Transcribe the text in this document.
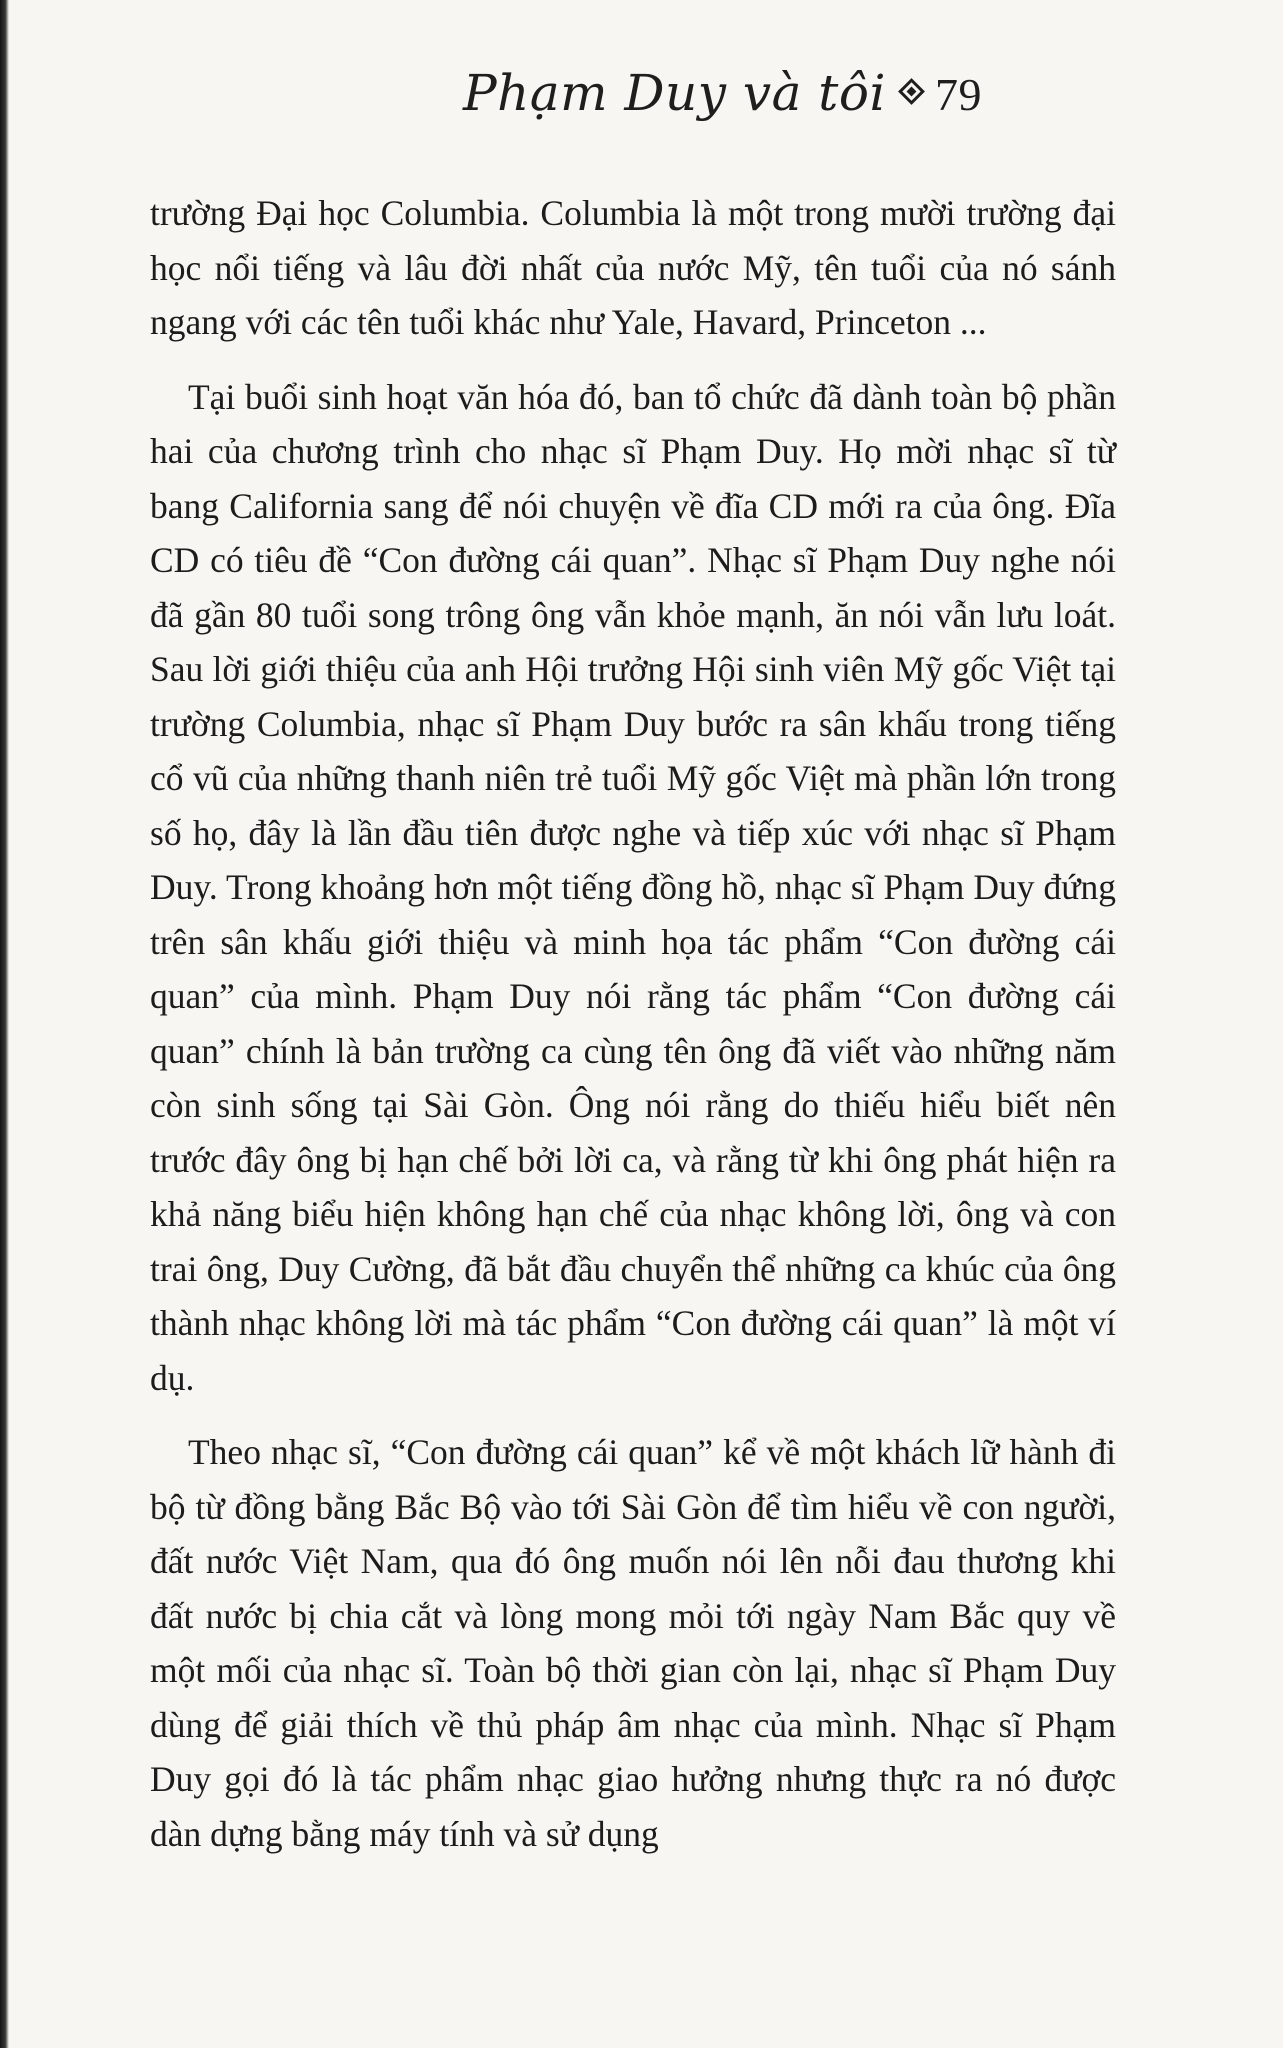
Phạm Duy và tôi 79

trường Đại học Columbia. Columbia là một trong mười trường đại học nổi tiếng và lâu đời nhất của nước Mỹ, tên tuổi của nó sánh ngang với các tên tuổi khác như Yale, Havard, Princeton ...

Tại buổi sinh hoạt văn hóa đó, ban tổ chức đã dành toàn bộ phần hai của chương trình cho nhạc sĩ Phạm Duy. Họ mời nhạc sĩ từ bang California sang để nói chuyện về đĩa CD mới ra của ông. Đĩa CD có tiêu đề “Con đường cái quan”. Nhạc sĩ Phạm Duy nghe nói đã gần 80 tuổi song trông ông vẫn khỏe mạnh, ăn nói vẫn lưu loát. Sau lời giới thiệu của anh Hội trưởng Hội sinh viên Mỹ gốc Việt tại trường Columbia, nhạc sĩ Phạm Duy bước ra sân khấu trong tiếng cổ vũ của những thanh niên trẻ tuổi Mỹ gốc Việt mà phần lớn trong số họ, đây là lần đầu tiên được nghe và tiếp xúc với nhạc sĩ Phạm Duy. Trong khoảng hơn một tiếng đồng hồ, nhạc sĩ Phạm Duy đứng trên sân khấu giới thiệu và minh họa tác phẩm “Con đường cái quan” của mình. Phạm Duy nói rằng tác phẩm “Con đường cái quan” chính là bản trường ca cùng tên ông đã viết vào những năm còn sinh sống tại Sài Gòn. Ông nói rằng do thiếu hiểu biết nên trước đây ông bị hạn chế bởi lời ca, và rằng từ khi ông phát hiện ra khả năng biểu hiện không hạn chế của nhạc không lời, ông và con trai ông, Duy Cường, đã bắt đầu chuyển thể những ca khúc của ông thành nhạc không lời mà tác phẩm “Con đường cái quan” là một ví dụ.

Theo nhạc sĩ, “Con đường cái quan” kể về một khách lữ hành đi bộ từ đồng bằng Bắc Bộ vào tới Sài Gòn để tìm hiểu về con người, đất nước Việt Nam, qua đó ông muốn nói lên nỗi đau thương khi đất nước bị chia cắt và lòng mong mỏi tới ngày Nam Bắc quy về một mối của nhạc sĩ. Toàn bộ thời gian còn lại, nhạc sĩ Phạm Duy dùng để giải thích về thủ pháp âm nhạc của mình. Nhạc sĩ Phạm Duy gọi đó là tác phẩm nhạc giao hưởng nhưng thực ra nó được dàn dựng bằng máy tính và sử dụng
